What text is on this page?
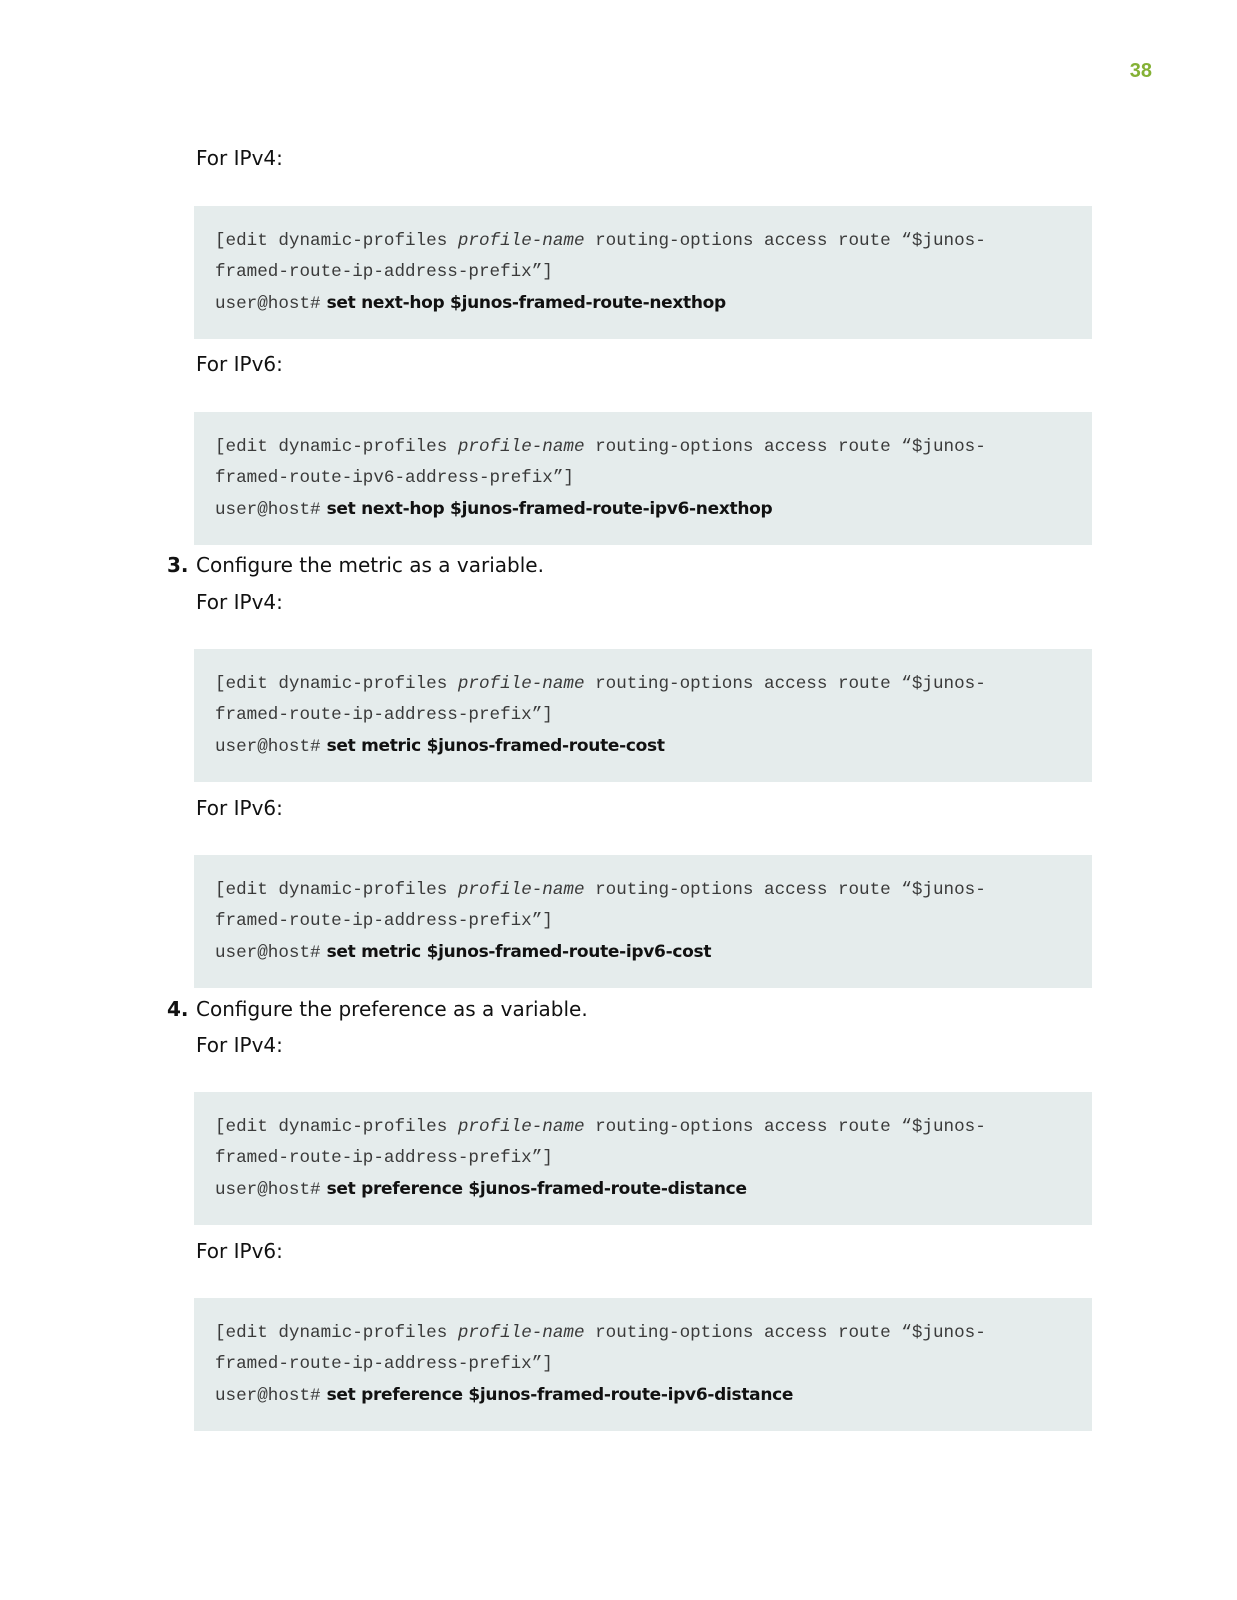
38
For IPv4:
[edit dynamic-profiles profile-name routing-options access route “$junos-
framed-route-ip-address-prefix”]
user@host# set next-hop $junos-framed-route-nexthop
For IPv6:
[edit dynamic-profiles profile-name routing-options access route “$junos-
framed-route-ipv6-address-prefix”]
user@host# set next-hop $junos-framed-route-ipv6-nexthop
3. Configure the metric as a variable.
For IPv4:
[edit dynamic-profiles profile-name routing-options access route “$junos-
framed-route-ip-address-prefix”]
user@host# set metric $junos-framed-route-cost
For IPv6:
[edit dynamic-profiles profile-name routing-options access route “$junos-
framed-route-ip-address-prefix”]
user@host# set metric $junos-framed-route-ipv6-cost
4. Configure the preference as a variable.
For IPv4:
[edit dynamic-profiles profile-name routing-options access route “$junos-
framed-route-ip-address-prefix”]
user@host# set preference $junos-framed-route-distance
For IPv6:
[edit dynamic-profiles profile-name routing-options access route “$junos-
framed-route-ip-address-prefix”]
user@host# set preference $junos-framed-route-ipv6-distance
